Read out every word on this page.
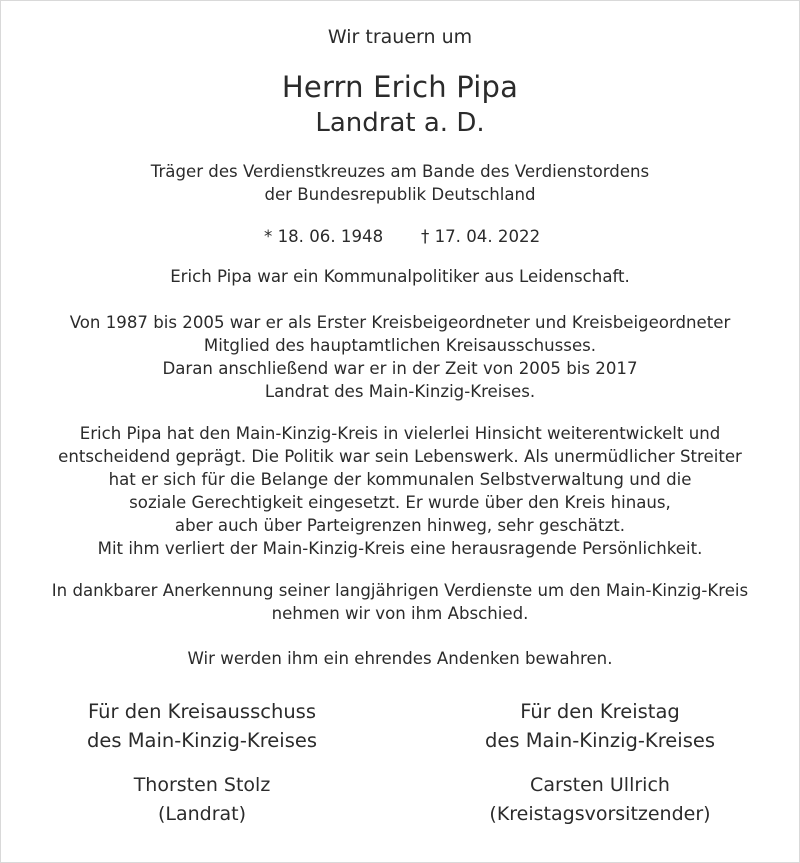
Wir trauern um
Herrn Erich Pipa
Landrat a. D.
Träger des Verdienstkreuzes am Bande des Verdienstordens
der Bundesrepublik Deutschland
* 18. 06. 1948 † 17. 04. 2022
Erich Pipa war ein Kommunalpolitiker aus Leidenschaft.
Von 1987 bis 2005 war er als Erster Kreisbeigeordneter und Kreisbeigeordneter
Mitglied des hauptamtlichen Kreisausschusses.
Daran anschließend war er in der Zeit von 2005 bis 2017
Landrat des Main-Kinzig-Kreises.
Erich Pipa hat den Main-Kinzig-Kreis in vielerlei Hinsicht weiterentwickelt und
entscheidend geprägt. Die Politik war sein Lebenswerk. Als unermüdlicher Streiter
hat er sich für die Belange der kommunalen Selbstverwaltung und die
soziale Gerechtigkeit eingesetzt. Er wurde über den Kreis hinaus,
aber auch über Parteigrenzen hinweg, sehr geschätzt.
Mit ihm verliert der Main-Kinzig-Kreis eine herausragende Persönlichkeit.
In dankbarer Anerkennung seiner langjährigen Verdienste um den Main-Kinzig-Kreis
nehmen wir von ihm Abschied.
Wir werden ihm ein ehrendes Andenken bewahren.
Für den Kreisausschuss
des Main-Kinzig-Kreises
Thorsten Stolz
(Landrat)
Für den Kreistag
des Main-Kinzig-Kreises
Carsten Ullrich
(Kreistagsvorsitzender)
